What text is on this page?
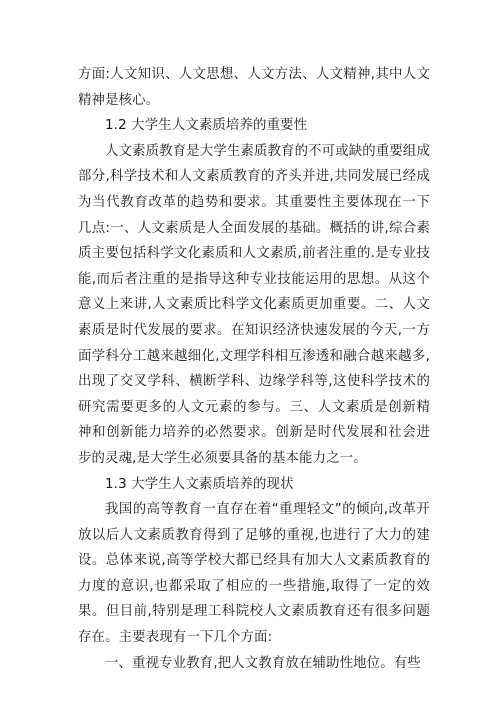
方面:人文知识、人文思想、人文方法、人文精神,其中人文精神是核心。

1.2 大学生人文素质培养的重要性

人文素质教育是大学生素质教育的不可或缺的重要组成部分,科学技术和人文素质教育的齐头并进,共同发展已经成为当代教育改革的趋势和要求。其重要性主要体现在一下几点:一、人文素质是人全面发展的基础。概括的讲,综合素质主要包括科学文化素质和人文素质,前者注重的.是专业技能,而后者注重的是指导这种专业技能运用的思想。从这个意义上来讲,人文素质比科学文化素质更加重要。二、人文素质是时代发展的要求。在知识经济快速发展的今天,一方面学科分工越来越细化,文理学科相互渗透和融合越来越多,出现了交叉学科、横断学科、边缘学科等,这使科学技术的研究需要更多的人文元素的参与。三、人文素质是创新精神和创新能力培养的必然要求。创新是时代发展和社会进步的灵魂,是大学生必须要具备的基本能力之一。

1.3 大学生人文素质培养的现状

我国的高等教育一直存在着“重理轻文”的倾向,改革开放以后人文素质教育得到了足够的重视,也进行了大力的建设。总体来说,高等学校大都已经具有加大人文素质教育的力度的意识,也都采取了相应的一些措施,取得了一定的效果。但目前,特别是理工科院校人文素质教育还有很多问题存在。主要表现有一下几个方面:

一、重视专业教育,把人文教育放在辅助性地位。有些
